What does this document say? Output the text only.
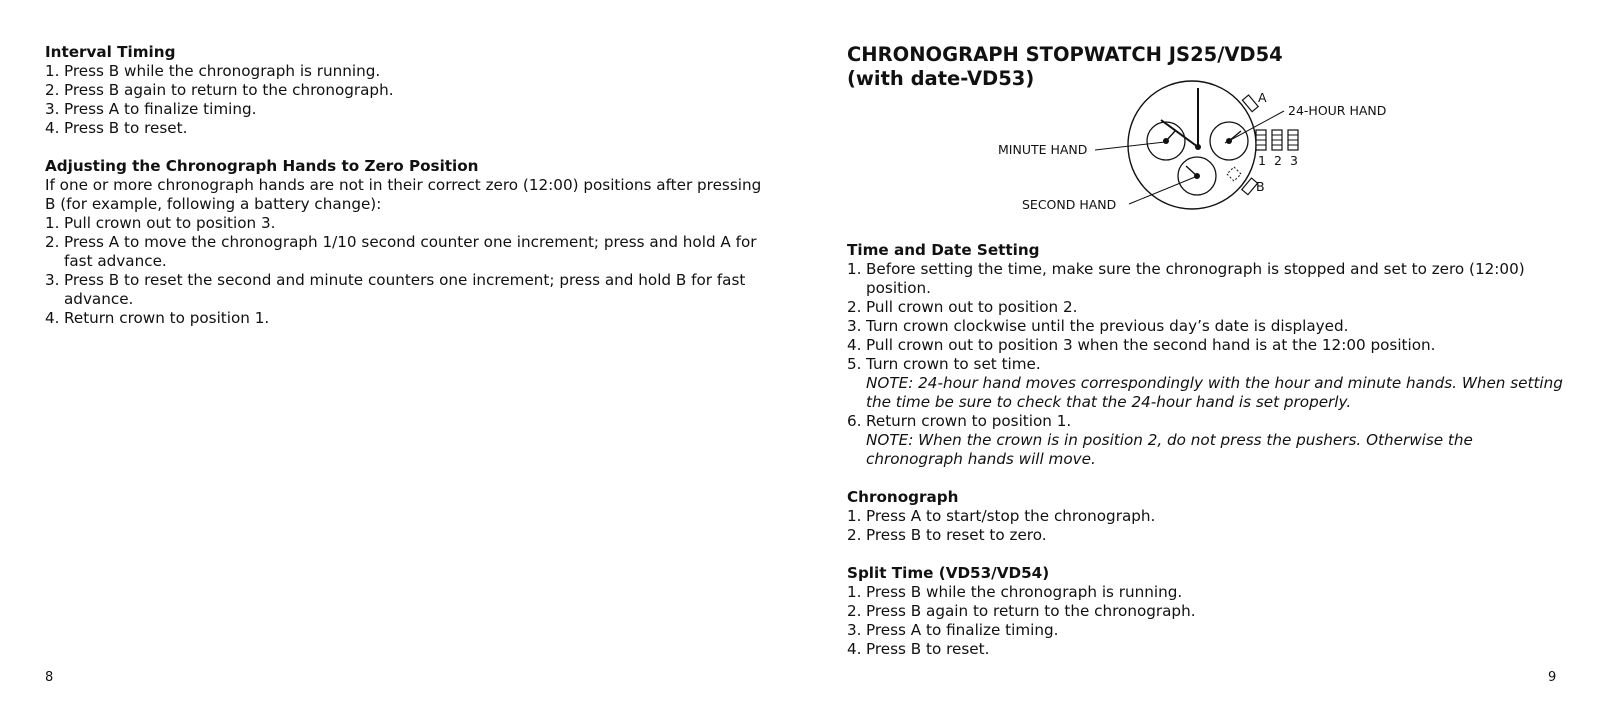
Interval Timing
1. Press B while the chronograph is running.
2. Press B again to return to the chronograph.
3. Press A to finalize timing.
4. Press B to reset.
Adjusting the Chronograph Hands to Zero Position
If one or more chronograph hands are not in their correct zero (12:00) positions after pressing B (for example, following a battery change):
1. Pull crown out to position 3.
2. Press A to move the chronograph 1/10 second counter one increment; press and hold A for fast advance.
3. Press B to reset the second and minute counters one increment; press and hold B for fast advance.
4. Return crown to position 1.
8
CHRONOGRAPH STOPWATCH JS25/VD54
(with date-VD53)
Time and Date Setting
1. Before setting the time, make sure the chronograph is stopped and set to zero (12:00) position.
2. Pull crown out to position 2.
3. Turn crown clockwise until the previous day’s date is displayed.
4. Pull crown out to position 3 when the second hand is at the 12:00 position.
5. Turn crown to set time.
NOTE: 24-hour hand moves correspondingly with the hour and minute hands. When setting the time be sure to check that the 24-hour hand is set properly.
6. Return crown to position 1.
NOTE: When the crown is in position 2, do not press the pushers. Otherwise the chronograph hands will move.
Chronograph
1. Press A to start/stop the chronograph.
2. Press B to reset to zero.
Split Time (VD53/VD54)
1. Press B while the chronograph is running.
2. Press B again to return to the chronograph.
3. Press A to finalize timing.
4. Press B to reset.
9
A
B
24-HOUR HAND
MINUTE HAND
SECOND HAND
1 2 3
